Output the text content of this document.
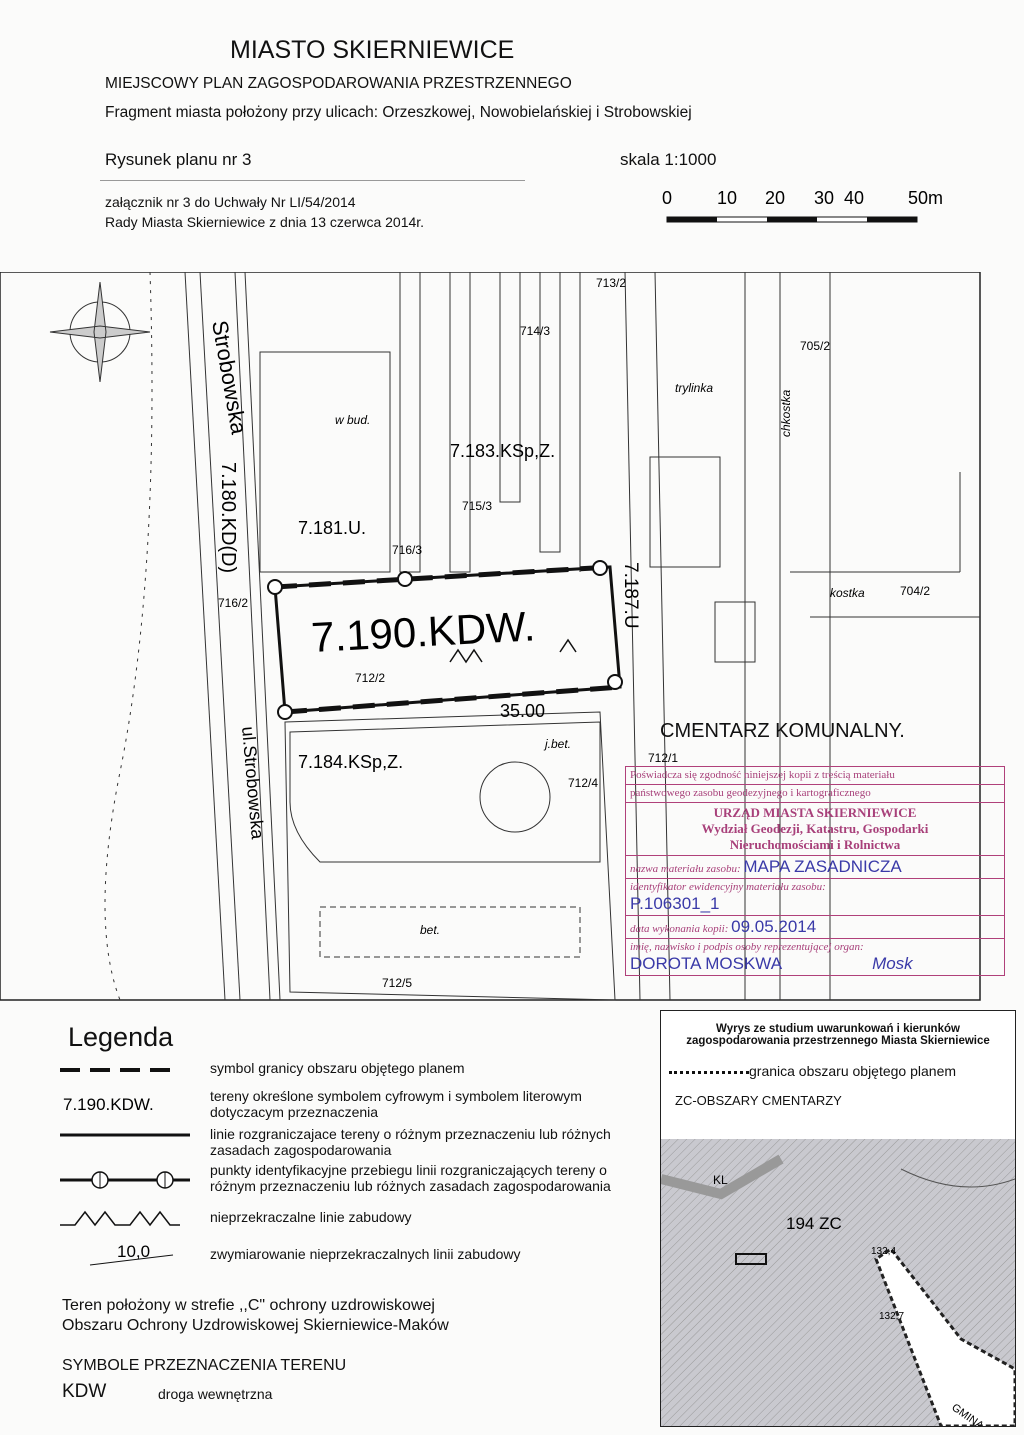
MIASTO SKIERNIEWICE
MIEJSCOWY PLAN ZAGOSPODAROWANIA PRZESTRZENNEGO
Fragment miasta położony przy ulicach: Orzeszkowej, Nowobielańskiej i Strobowskiej
Rysunek planu nr 3	skala 1:1000
załącznik nr 3 do Uchwały Nr LI/54/2014
Rady Miasta Skierniewice z dnia 13 czerwca 2014r.
0 10 20 30 40 50m
Strobowska
7.180.KD(D)
ul.Strobowska
7.181.U.
7.183.KSp,Z.
7.184.KSp,Z.
7.190.KDW.
7.187.U
713/2
714/3
705/2
704/2
715/3
716/3
716/2
712/2
712/1
712/4
712/5
kostka
trylinka
chkostka
bet.
j.bet.
w bud.
35.00
CMENTARZ KOMUNALNY.
Poświadcza się zgodność niniejszej kopii z treścią materiału
państwowego zasobu geodezyjnego i kartograficznego
URZĄD MIASTA SKIERNIEWICE
Wydział Geodezji, Katastru, Gospodarki
Nieruchomościami i Rolnictwa
nazwa materiału zasobu: MAPA ZASADNICZA
identyfikator ewidencyjny materiału zasobu:
P.106301_1
data wykonania kopii: 09.05.2014
imię, nazwisko i podpis osoby reprezentującej organ:
DOROTA MOSKWA	Mosk
Legenda
7.190.KDW.
10,0
symbol granicy obszaru objętego planem
tereny określone symbolem cyfrowym i symbolem literowym dotyczacym przeznaczenia
linie rozgraniczajace tereny o różnym przeznaczeniu lub różnych zasadach zagospodarowania
punkty identyfikacyjne przebiegu linii rozgraniczających tereny o różnym przeznaczeniu lub różnych zasadach zagospodarowania
nieprzekraczalne linie zabudowy
zwymiarowanie nieprzekraczalnych linii zabudowy
Teren położony w strefie ,,C" ochrony uzdrowiskowej
Obszaru Ochrony Uzdrowiskowej Skierniewice-Maków
SYMBOLE PRZEZNACZENIA TERENU
KDW	droga wewnętrzna
Wyrys ze studium uwarunkowań i kierunków
zagospodarowania przestrzennego Miasta Skierniewice
granica obszaru objętego planem
ZC-OBSZARY CMENTARZY
KL
194 ZC
132,4
132,7
